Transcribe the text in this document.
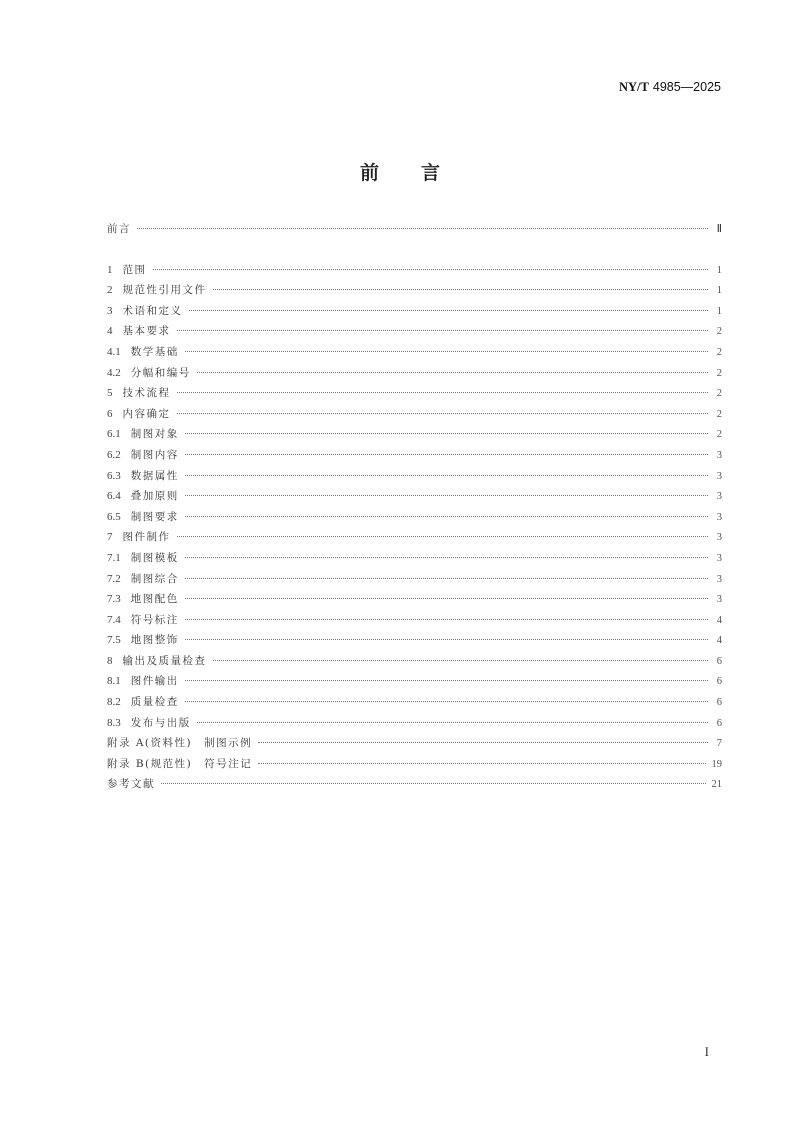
NY/T 4985—2025
前 言
前言	Ⅱ
1 范围	1
2 规范性引用文件	1
3 术语和定义	1
4 基本要求	2
4.1 数学基础	2
4.2 分幅和编号	2
5 技术流程	2
6 内容确定	2
6.1 制图对象	2
6.2 制图内容	3
6.3 数据属性	3
6.4 叠加原则	3
6.5 制图要求	3
7 图件制作	3
7.1 制图模板	3
7.2 制图综合	3
7.3 地图配色	3
7.4 符号标注	4
7.5 地图整饰	4
8 输出及质量检查	6
8.1 图件输出	6
8.2 质量检查	6
8.3 发布与出版	6
附录 A(资料性)　制图示例	7
附录 B(规范性)　符号注记	19
参考文献	21
I
